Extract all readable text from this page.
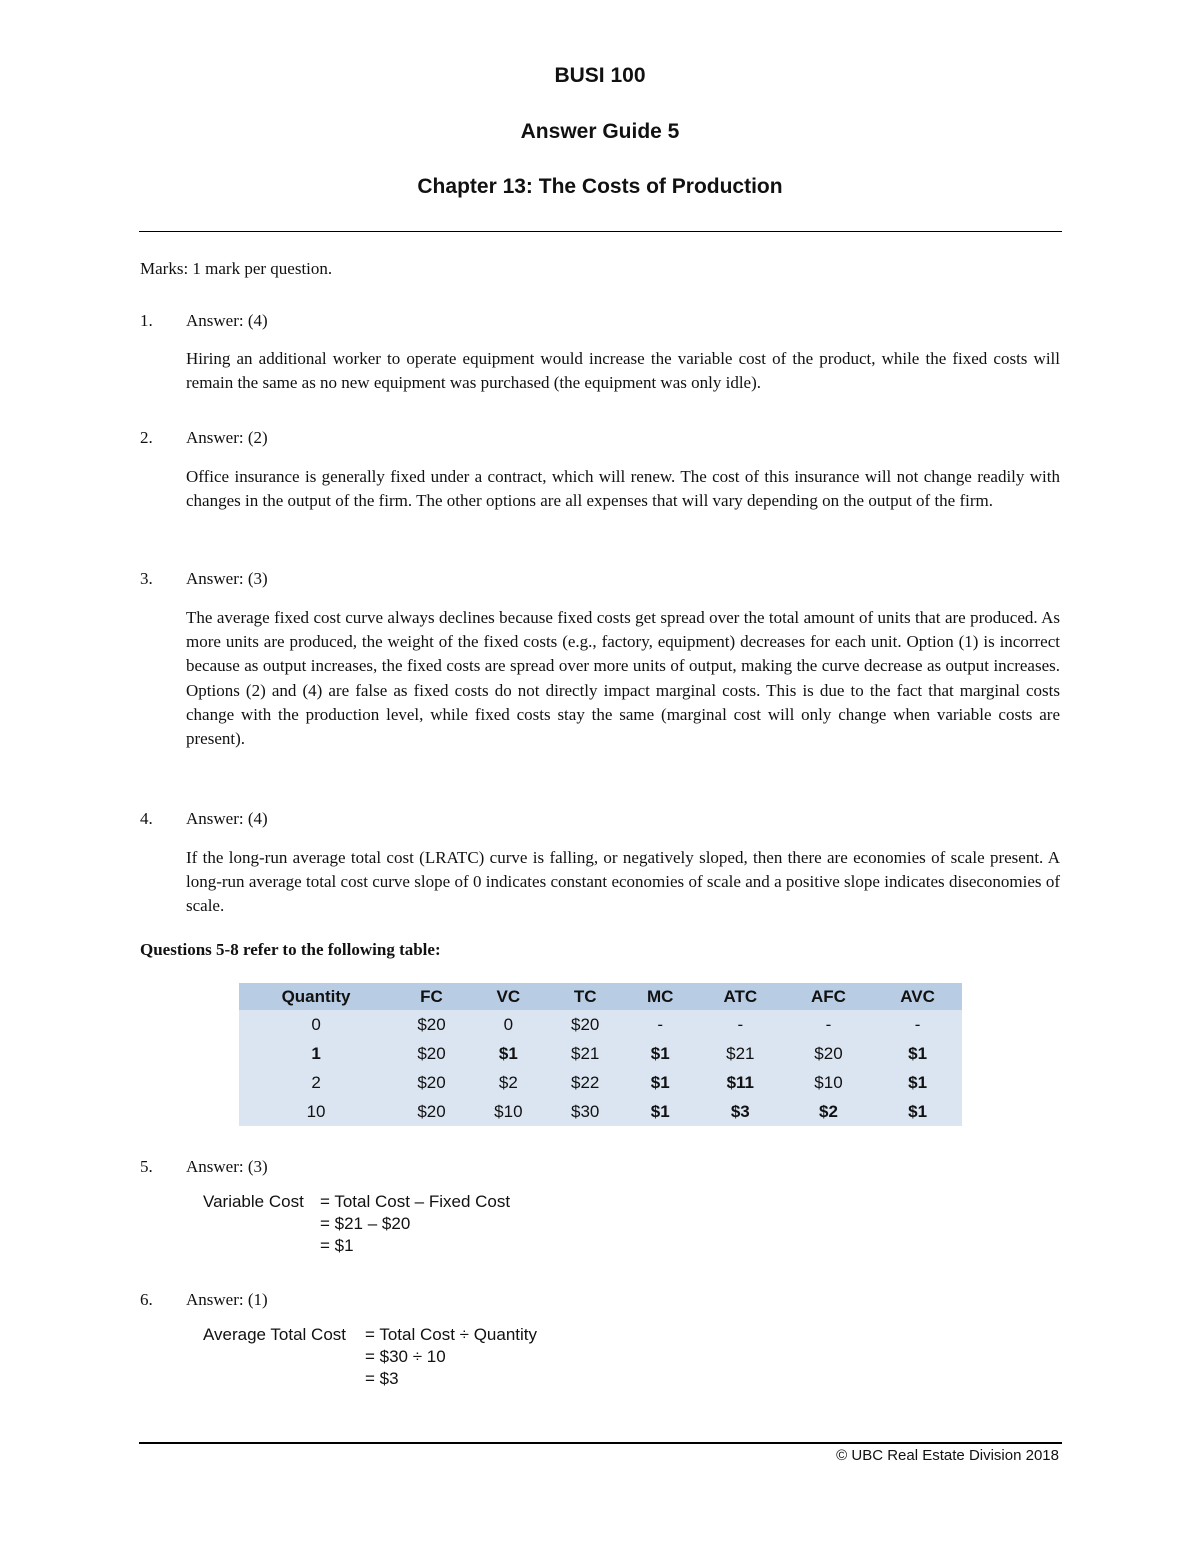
BUSI 100
Answer Guide 5
Chapter 13: The Costs of Production
Marks: 1 mark per question.
1. Answer: (4)
Hiring an additional worker to operate equipment would increase the variable cost of the product, while the fixed costs will remain the same as no new equipment was purchased (the equipment was only idle).
2. Answer: (2)
Office insurance is generally fixed under a contract, which will renew. The cost of this insurance will not change readily with changes in the output of the firm. The other options are all expenses that will vary depending on the output of the firm.
3. Answer: (3)
The average fixed cost curve always declines because fixed costs get spread over the total amount of units that are produced. As more units are produced, the weight of the fixed costs (e.g., factory, equipment) decreases for each unit. Option (1) is incorrect because as output increases, the fixed costs are spread over more units of output, making the curve decrease as output increases. Options (2) and (4) are false as fixed costs do not directly impact marginal costs. This is due to the fact that marginal costs change with the production level, while fixed costs stay the same (marginal cost will only change when variable costs are present).
4. Answer: (4)
If the long-run average total cost (LRATC) curve is falling, or negatively sloped, then there are economies of scale present. A long-run average total cost curve slope of 0 indicates constant economies of scale and a positive slope indicates diseconomies of scale.
Questions 5-8 refer to the following table:
Quantity	FC	VC	TC	MC	ATC	AFC	AVC
0	$20	0	$20	-	-	-	-
1	$20	$1	$21	$1	$21	$20	$1
2	$20	$2	$22	$1	$11	$10	$1
10	$20	$10	$30	$1	$3	$2	$1
5. Answer: (3)
Variable Cost = Total Cost – Fixed Cost
= $21 – $20
= $1
6. Answer: (1)
Average Total Cost = Total Cost ÷ Quantity
= $30 ÷ 10
= $3
© UBC Real Estate Division 2018
